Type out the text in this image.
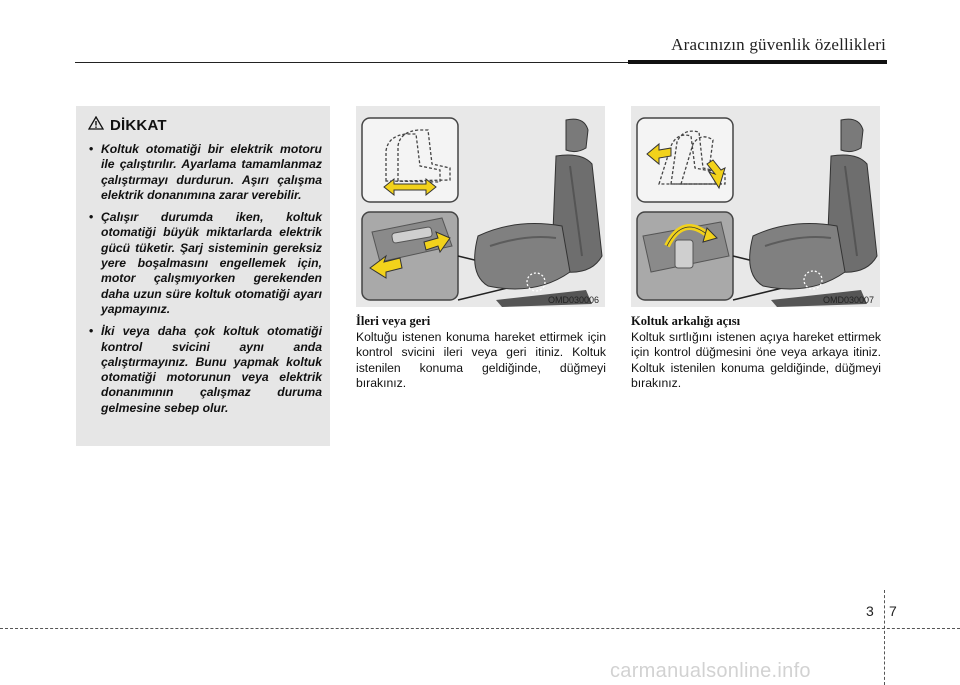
Aracınızın güvenlik özellikleri
DİKKAT
• Koltuk otomatiği bir elektrik motoru ile çalıştırılır. Ayarlama tamamlanmaz çalıştırmayı durdurun. Aşırı çalışma elektrik donanımına zarar verebilir.
• Çalışır durumda iken, koltuk otomatiği büyük miktarlarda elektrik gücü tüketir. Şarj sisteminin gereksiz yere boşalmasını engellemek için, motor çalışmıyorken gerekenden daha uzun süre koltuk otomatiği ayarı yapmayınız.
• İki veya daha çok koltuk otomatiği kontrol svicini aynı anda çalıştırmayınız. Bunu yapmak koltuk otomatiği motorunun veya elektrik donanımının çalışmaz durumа gelmesine sebep olur.
OMD030006	OMD030007
İleri veya geri
Koltuğu istenen konuma hareket ettirmek için kontrol svicini ileri veya geri itiniz. Koltuk istenilen konuma geldiğinde, düğmeyi bırakınız.
Koltuk arkalığı açısı
Koltuk sırtlığını istenen açıya hareket ettirmek için kontrol düğmesini öne veya arkaya itiniz. Koltuk istenilen konuma geldiğinde, düğmeyi bırakınız.
3 7
carmanualsonline.info
